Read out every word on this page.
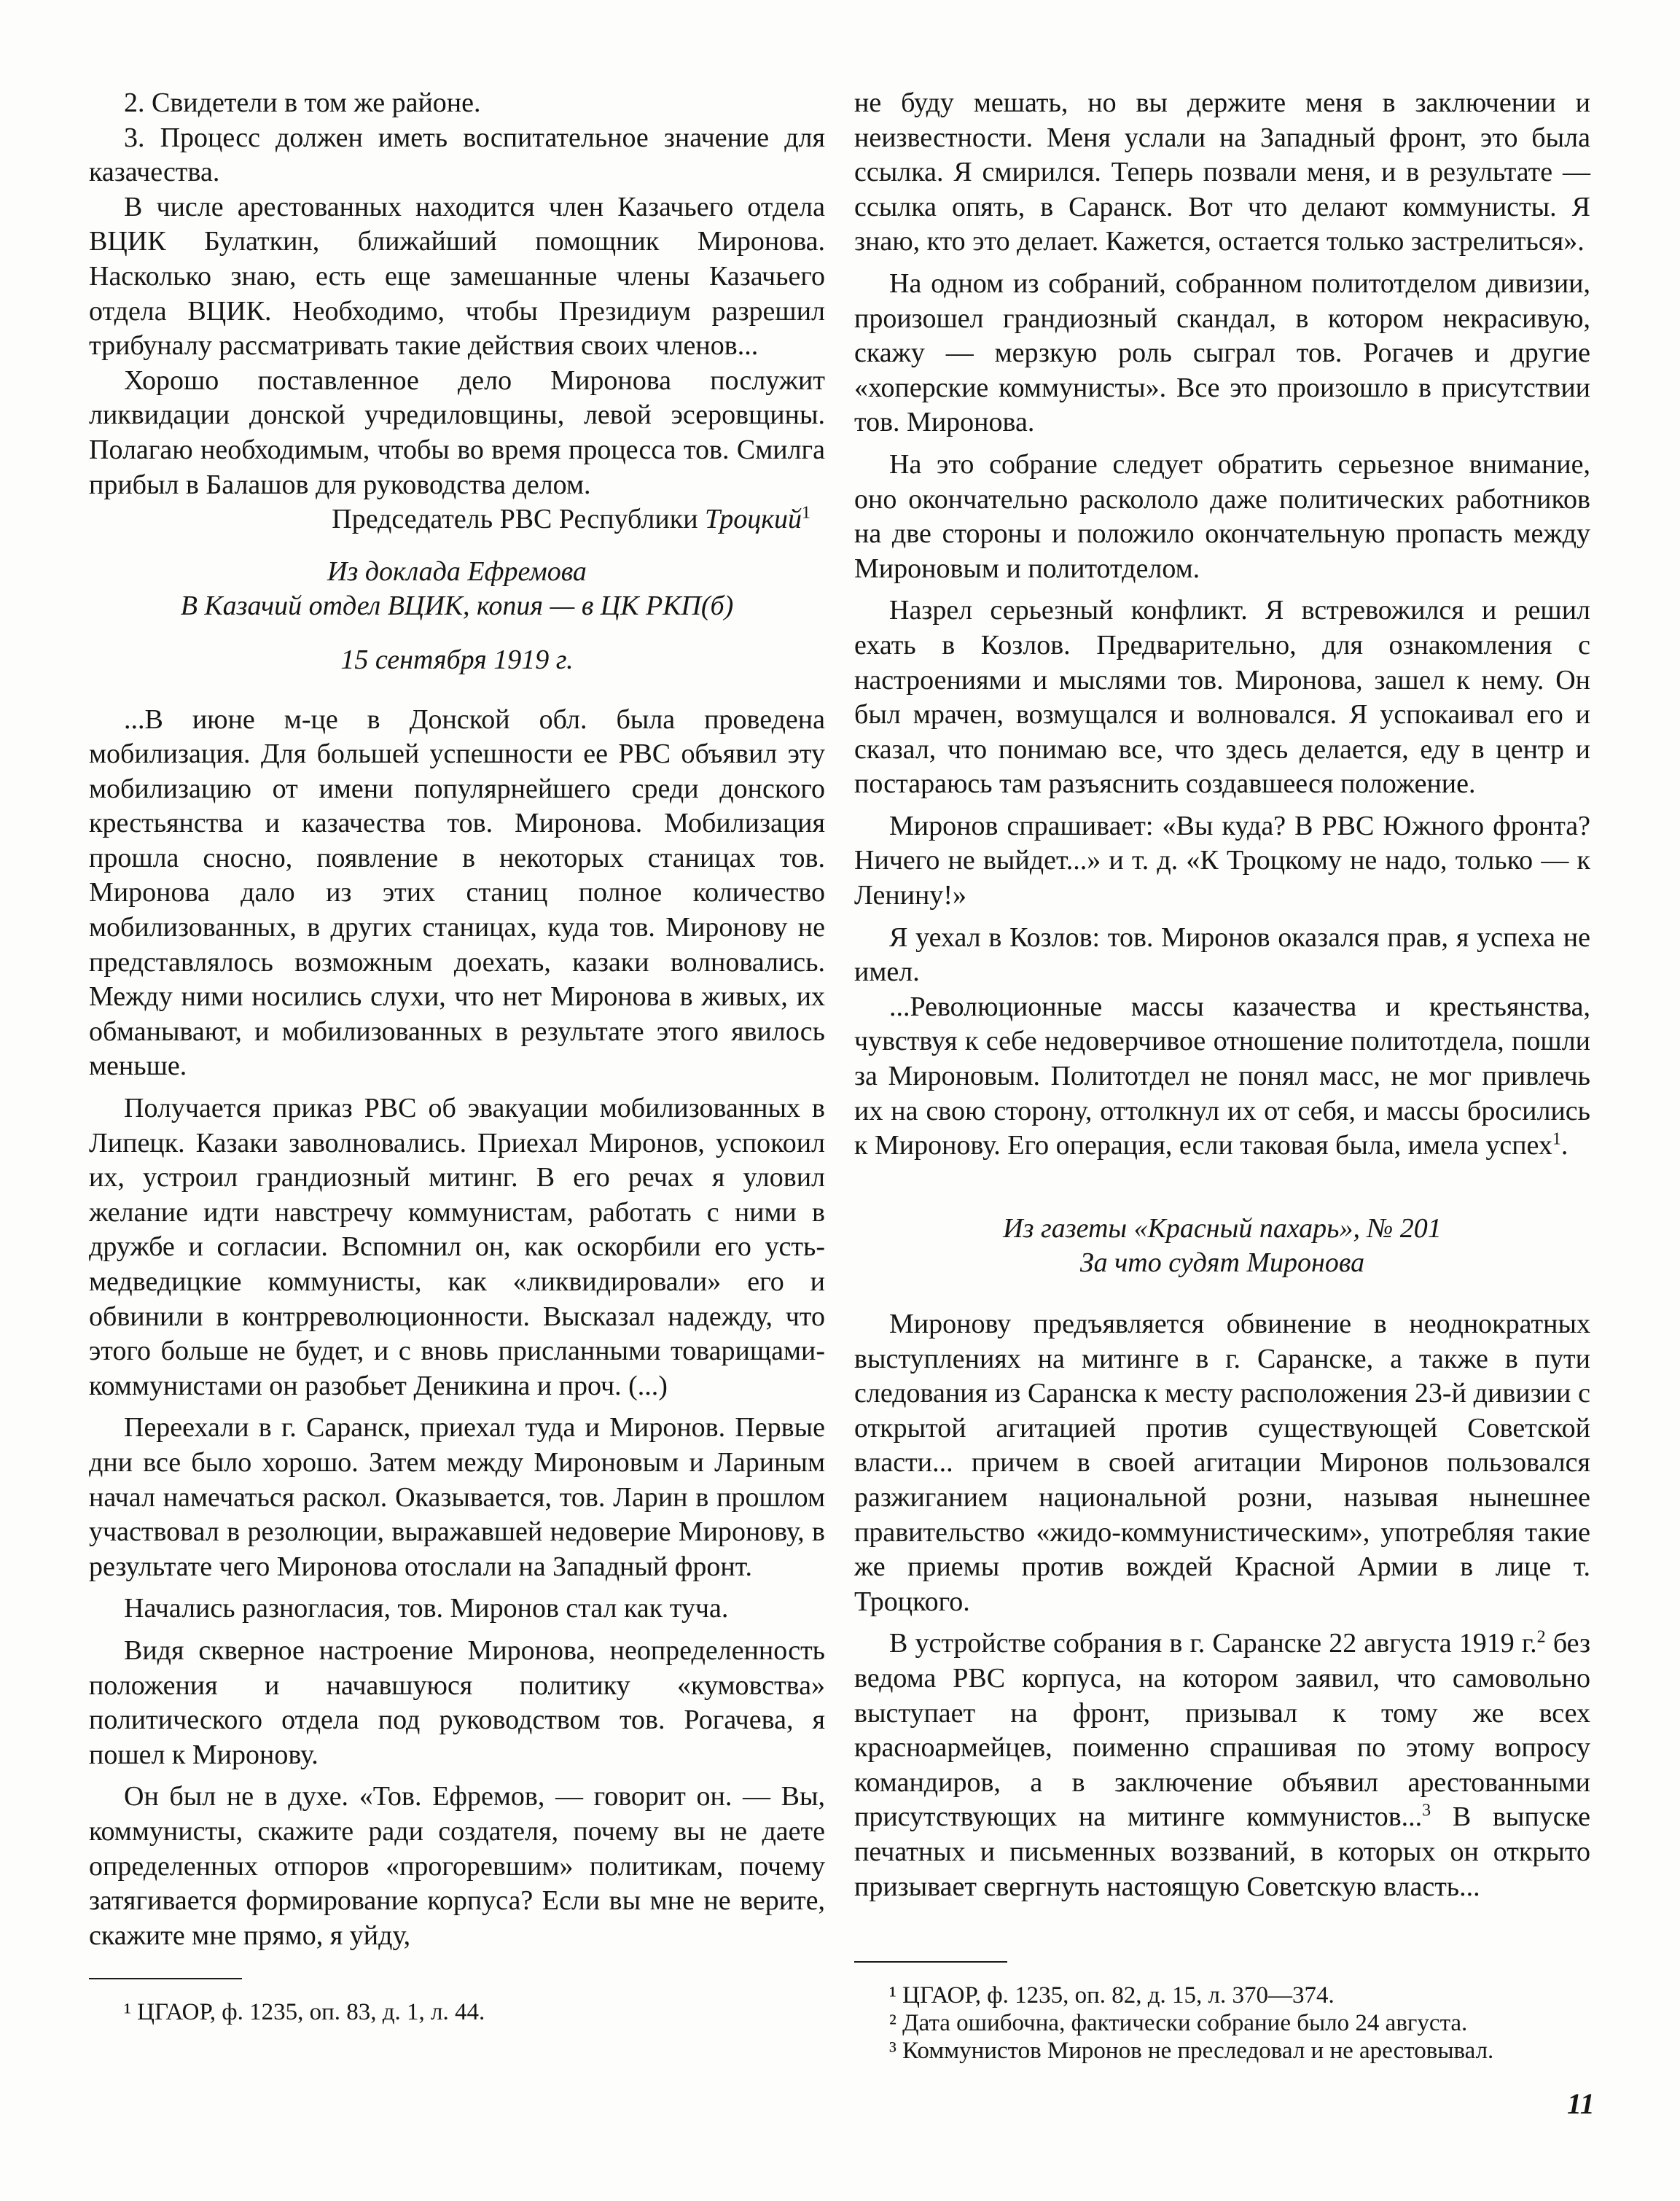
2. Свидетели в том же районе.

3. Процесс должен иметь воспитательное значение для казачества.

В числе арестованных находится член Казачьего отдела ВЦИК Булаткин, ближайший помощник Миронова. Насколько знаю, есть еще замешанные члены Казачьего отдела ВЦИК. Необходимо, чтобы Президиум разрешил трибуналу рассматривать такие действия своих членов...

Хорошо поставленное дело Миронова послужит ликвидации донской учредиловщины, левой эсеровщины. Полагаю необходимым, чтобы во время процесса тов. Смилга прибыл в Балашов для руководства делом.

Председатель РВС Республики Троцкий$^1$

Из доклада Ефремова

В Казачий отдел ВЦИК, копия — в ЦК РКП(б)

15 сентября 1919 г.

...В июне м-це в Донской обл. была проведена мобилизация. Для большей успешности ее РВС объявил эту мобилизацию от имени популярнейшего среди донского крестьянства и казачества тов. Миронова. Мобилизация прошла сносно, появление в некоторых станицах тов. Миронова дало из этих станиц полное количество мобилизованных, в других станицах, куда тов. Миронову не представлялось возможным доехать, казаки волновались. Между ними носились слухи, что нет Миронова в живых, их обманывают, и мобилизованных в результате этого явилось меньше.

Получается приказ РВС об эвакуации мобилизованных в Липецк. Казаки заволновались. Приехал Миронов, успокоил их, устроил грандиозный митинг. В его речах я уловил желание идти навстречу коммунистам, работать с ними в дружбе и согласии. Вспомнил он, как оскорбили его усть-медведицкие коммунисты, как «ликвидировали» его и обвинили в контрреволюционности. Высказал надежду, что этого больше не будет, и с вновь присланными товарищами-коммунистами он разобьет Деникина и проч. (...)

Переехали в г. Саранск, приехал туда и Миронов. Первые дни все было хорошо. Затем между Мироновым и Лариным начал намечаться раскол. Оказывается, тов. Ларин в прошлом участвовал в резолюции, выражавшей недоверие Миронову, в результате чего Миронова отослали на Западный фронт.

Начались разногласия, тов. Миронов стал как туча.

Видя скверное настроение Миронова, неопределенность положения и начавшуюся политику «кумовства» политического отдела под руководством тов. Рогачева, я пошел к Миронову.

Он был не в духе. «Тов. Ефремов, — говорит он. — Вы, коммунисты, скажите ради создателя, почему вы не даете определенных отпоров «прогоревшим» политикам, почему затягивается формирование корпуса? Если вы мне не верите, скажите мне прямо, я уйду,

¹ ЦГАОР, ф. 1235, оп. 83, д. 1, л. 44.

не буду мешать, но вы держите меня в заключении и неизвестности. Меня услали на Западный фронт, это была ссылка. Я смирился. Теперь позвали меня, и в результате — ссылка опять, в Саранск. Вот что делают коммунисты. Я знаю, кто это делает. Кажется, остается только застрелиться».

На одном из собраний, собранном политотделом дивизии, произошел грандиозный скандал, в котором некрасивую, скажу — мерзкую роль сыграл тов. Рогачев и другие «хоперские коммунисты». Все это произошло в присутствии тов. Миронова.

На это собрание следует обратить серьезное внимание, оно окончательно раскололо даже политических работников на две стороны и положило окончательную пропасть между Мироновым и политотделом.

Назрел серьезный конфликт. Я встревожился и решил ехать в Козлов. Предварительно, для ознакомления с настроениями и мыслями тов. Миронова, зашел к нему. Он был мрачен, возмущался и волновался. Я успокаивал его и сказал, что понимаю все, что здесь делается, еду в центр и постараюсь там разъяснить создавшееся положение.

Миронов спрашивает: «Вы куда? В РВС Южного фронта? Ничего не выйдет...» и т. д. «К Троцкому не надо, только — к Ленину!»

Я уехал в Козлов: тов. Миронов оказался прав, я успеха не имел.

...Революционные массы казачества и крестьянства, чувствуя к себе недоверчивое отношение политотдела, пошли за Мироновым. Политотдел не понял масс, не мог привлечь их на свою сторону, оттолкнул их от себя, и массы бросились к Миронову. Его операция, если таковая была, имела успех$^1$.

Из газеты «Красный пахарь», № 201

За что судят Миронова

Миронову предъявляется обвинение в неоднократных выступлениях на митинге в г. Саранске, а также в пути следования из Саранска к месту расположения 23-й дивизии с открытой агитацией против существующей Советской власти... причем в своей агитации Миронов пользовался разжиганием национальной розни, называя нынешнее правительство «жидо-коммунистическим», употребляя такие же приемы против вождей Красной Армии в лице т. Троцкого.

В устройстве собрания в г. Саранске 22 августа 1919 г.$^2$ без ведома РВС корпуса, на котором заявил, что самовольно выступает на фронт, призывал к тому же всех красноармейцев, поименно спрашивая по этому вопросу командиров, а в заключение объявил арестованными присутствующих на митинге коммунистов...$^3$ В выпуске печатных и письменных воззваний, в которых он открыто призывает свергнуть настоящую Советскую власть...

¹ ЦГАОР, ф. 1235, оп. 82, д. 15, л. 370—374.

² Дата ошибочна, фактически собрание было 24 августа.

³ Коммунистов Миронов не преследовал и не арестовывал.

11
